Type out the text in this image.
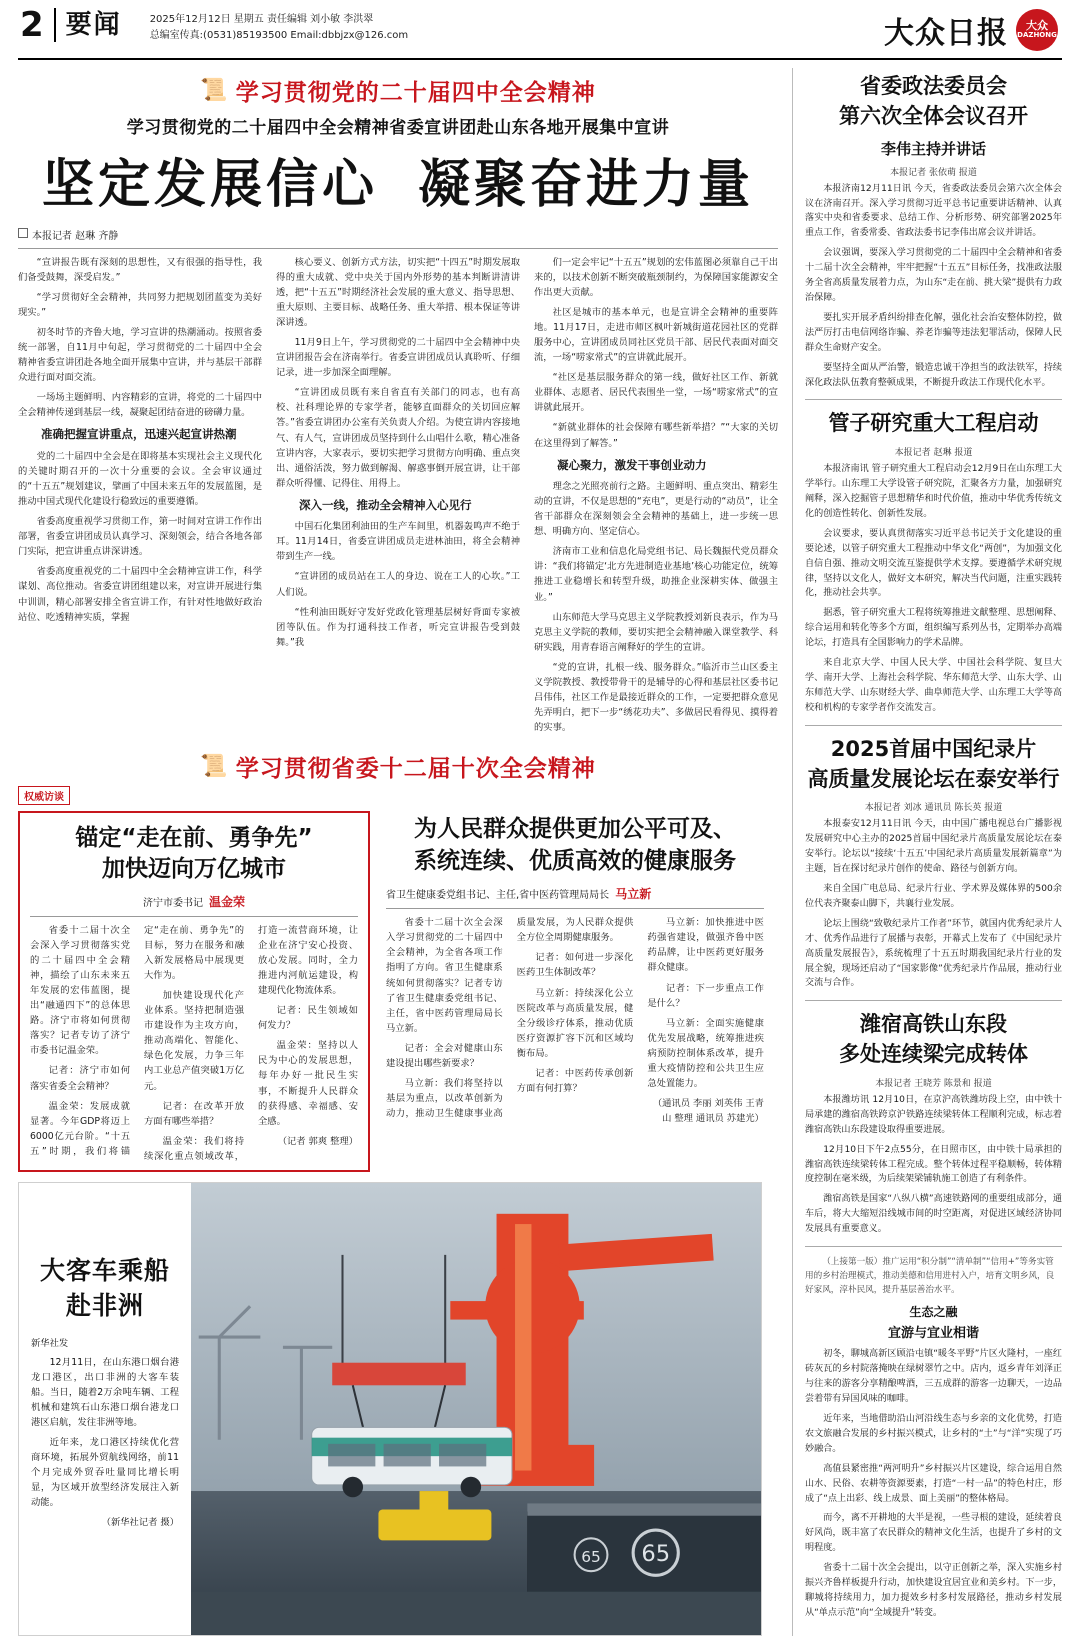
2 要闻	2025年12月12日 星期五 责任编辑 刘小敏 李洪翠
总编室传真:(0531)85193500 Email:dbbjzx@126.com	大众日报 大众
DAZHONG
📜 学习贯彻党的二十届四中全会精神
学习贯彻党的二十届四中全会精神省委宣讲团赴山东各地开展集中宣讲
坚定发展信心 凝聚奋进力量
本报记者 赵琳 齐静

“宣讲报告既有深刻的思想性，又有很强的指导性，我们备受鼓舞，深受启发。”

“学习贯彻好全会精神，共同努力把规划团蓝变为美好现实。”

初冬时节的齐鲁大地，学习宣讲的热潮涌动。按照省委统一部署，自11月中旬起，学习贯彻党的二十届四中全会精神省委宣讲团赴各地全面开展集中宣讲，并与基层干部群众进行面对面交流。

一场场主题鲜明、内容精彩的宣讲，将党的二十届四中全会精神传递到基层一线，凝聚起团结奋进的磅礴力量。

准确把握宣讲重点，迅速兴起宣讲热潮

党的二十届四中全会是在即将基本实现社会主义现代化的关键时期召开的一次十分重要的会议。全会审议通过的“十五五”规划建议，擘画了中国未来五年的发展蓝图，是推动中国式现代化建设行稳致远的重要遵循。

省委高度重视学习贯彻工作，第一时间对宣讲工作作出部署，省委宣讲团成员认真学习、深刻领会，结合各地各部门实际，把宣讲重点讲深讲透。

省委高度重视党的二十届四中全会精神宣讲工作，科学谋划、高位推动。省委宣讲团组建以来，对宣讲开展进行集中训训，精心部署安排全省宣讲工作，有针对性地做好政治站位、吃透精神实质，掌握

核心要义、创新方式方法，切实把“十四五”时期发展取得的重大成就、党中央关于国内外形势的基本判断讲清讲透，把“十五五”时期经济社会发展的重大意义、指导思想、重大原则、主要目标、战略任务、重大举措、根本保证等讲深讲透。

11月9日上午，学习贯彻党的二十届四中全会精神中央宣讲团报告会在济南举行。省委宣讲团成员认真聆听、仔细记录，进一步加深全面理解。

“宣讲团成员既有来自省直有关部门的同志，也有高校、社科理论界的专家学者，能够直面群众的关切回应解答。”省委宣讲团办公室有关负责人介绍。为使宣讲内容接地气、有人气，宣讲团成员坚持到什么山唱什么歌，精心准备宣讲内容，大家表示，要切实把学习贯彻方向明确、重点突出、通俗活泼，努力做到解渴、解惑事倒开展宣讲，让干部群众听得懂、记得住、用得上。

深入一线，推动全会精神入心见行

中国石化集团利油田的生产车间里，机器轰鸣声不绝于耳。11月14日，省委宣讲团成员走进林油田，将全会精神带到生产一线。

“宣讲团的成员站在工人的身边、说在工人的心坎。”工人们说。

“性利油田既好守发好党政化管理基层树好背面专家被团等队伍。作为打通科技工作者，听完宣讲报告受到鼓舞。”我

们一定会牢记“十五五”规划的宏伟蓝图必须靠自己干出来的，以技术创新不断突破瓶颈制约，为保障国家能源安全作出更大贡献。

社区是城市的基本单元，也是宣讲全会精神的重要阵地。11月17日，走进市师区枫叶新城街道花园社区的党群服务中心，宣讲团成员同社区党员干部、居民代表面对面交流，一场“唠家常式”的宣讲就此展开。

“社区是基层服务群众的第一线，做好社区工作、新就业群体、志愿者、居民代表围坐一堂，一场“唠家常式”的宣讲就此展开。

“新就业群体的社会保障有哪些新举措？”“大家的关切在这里得到了解答。”

凝心聚力，激发干事创业动力

理念之光照亮前行之路。主题鲜明、重点突出、精彩生动的宣讲，不仅是思想的“充电”，更是行动的“动员”，让全省干部群众在深刻领会全会精神的基础上，进一步统一思想、明确方向、坚定信心。

济南市工业和信息化局党组书记、局长魏振代党员群众讲：“我们将锚定‘北方先进制造业基地’核心功能定位，统筹推进工业稳增长和转型升级，助推企业深耕实体、做强主业。”

山东师范大学马克思主义学院教授刘新良表示，作为马克思主义学院的教师，要切实把全会精神融入课堂教学、科研实践，用青春语言阐释好的学生的宣讲。

“党的宣讲，扎根一线、服务群众。”临沂市兰山区委主义学院教授、教授带骨干的是辅导的心得和基层社区委书记吕伟伟，社区工作是最接近群众的工作，一定要把群众意见先弄明白，把下一步“绣花功夫”、多做居民看得见、摸得着的实事。

📜 学习贯彻省委十二届十次全会精神
权威访谈
锚定“走在前、勇争先”
加快迈向万亿城市
济宁市委书记 温金荣

省委十二届十次全会深入学习贯彻落实党的二十届四中全会精神，描绘了山东未来五年发展的宏伟蓝图，提出“融通四下”的总体思路。济宁市将如何贯彻落实？记者专访了济宁市委书记温金荣。

记者：济宁市如何落实省委全会精神？

温金荣：发展成就显著。今年GDP将迈上6000亿元台阶。“十五五”时期，我们将锚定“走在前、勇争先”的目标，努力在服务和融入新发展格局中展现更大作为。

加快建设现代化产业体系。坚持把制造强市建设作为主攻方向，推动高端化、智能化、绿色化发展，力争三年内工业总产值突破1万亿元。

记者：在改革开放方面有哪些举措？

温金荣：我们将持续深化重点领域改革，打造一流营商环境，让企业在济宁安心投资、放心发展。同时，全力推进内河航运建设，构建现代化物流体系。

记者：民生领域如何发力？

温金荣：坚持以人民为中心的发展思想，每年办好一批民生实事，不断提升人民群众的获得感、幸福感、安全感。

（记者 郭爽 整理）

为人民群众提供更加公平可及、
系统连续、优质高效的健康服务
省卫生健康委党组书记、主任,省中医药管理局局长 马立新

省委十二届十次全会深入学习贯彻党的二十届四中全会精神，为全省各项工作指明了方向。省卫生健康系统如何贯彻落实？记者专访了省卫生健康委党组书记、主任，省中医药管理局局长马立新。

记者：全会对健康山东建设提出哪些新要求？

马立新：我们将坚持以基层为重点，以改革创新为动力，推动卫生健康事业高质量发展，为人民群众提供全方位全周期健康服务。

记者：如何进一步深化医药卫生体制改革？

马立新：持续深化公立医院改革与高质量发展，健全分级诊疗体系，推动优质医疗资源扩容下沉和区域均衡布局。

记者：中医药传承创新方面有何打算？

马立新：加快推进中医药强省建设，做强齐鲁中医药品牌，让中医药更好服务群众健康。

记者：下一步重点工作是什么？

马立新：全面实施健康优先发展战略，统筹推进疾病预防控制体系改革，提升重大疫情防控和公共卫生应急处置能力。

（通讯员 李丽 刘英伟 王青山 整理 通讯员 苏建光）

大客车乘船
赴非洲
新华社发

12月11日，在山东港口烟台港龙口港区，出口非洲的大客车装船。当日，随着2万余吨车辆、工程机械和建筑石山东港口烟台港龙口港区启航，发往非洲等地。

近年来，龙口港区持续优化营商环境，拓展外贸航线网络，前11个月完成外贸吞吐量同比增长明显，为区域开放型经济发展注入新动能。

（新华社记者 摄）

65
65
省委政法委员会
第六次全体会议召开
李伟主持并讲话
本报记者 张依萌 报道

本报济南12月11日讯 今天，省委政法委员会第六次全体会议在济南召开。深入学习贯彻习近平总书记重要讲话精神、认真落实中央和省委要求、总结工作、分析形势、研究部署2025年重点工作，省委常委、省政法委书记李伟出席会议并讲话。

会议强调，要深入学习贯彻党的二十届四中全会精神和省委十二届十次全会精神，牢牢把握“十五五”目标任务，找准政法服务全省高质量发展着力点，为山东“走在前、挑大梁”提供有力政治保障。

要扎实开展矛盾纠纷排查化解，强化社会治安整体防控，做法严厉打击电信网络诈骗、养老诈骗等违法犯罪活动，保障人民群众生命财产安全。

要坚持全面从严治警，锻造忠诚干净担当的政法铁军，持续深化政法队伍教育整顿成果，不断提升政法工作现代化水平。

管子研究重大工程启动
本报记者 赵琳 报道

本报济南讯 管子研究重大工程启动会12月9日在山东理工大学举行。山东理工大学设管子研究院，汇聚各方力量，加强研究阐释，深入挖掘管子思想精华和时代价值，推动中华优秀传统文化的创造性转化、创新性发展。

会议要求，要认真贯彻落实习近平总书记关于文化建设的重要论述，以管子研究重大工程推动中华文化“两创”，为加强文化自信自强、推动文明交流互鉴提供学术支撑。要遵循学术研究规律，坚持以文化人，做好文本研究，解决当代问题，注重实践转化，推动社会共享。

据悉，管子研究重大工程将统筹推进文献整理、思想阐释、综合运用和转化等多个方面，组织编写系列丛书，定期举办高端论坛，打造具有全国影响力的学术品牌。

来自北京大学、中国人民大学、中国社会科学院、复旦大学、南开大学、上海社会科学院、华东师范大学、山东大学、山东师范大学、山东财经大学、曲阜师范大学、山东理工大学等高校和机构的专家学者作交流发言。

2025首届中国纪录片
高质量发展论坛在泰安举行
本报记者 刘冰 通讯员 陈长英 报道

本报泰安12月11日讯 今天，由中国广播电视总台广播影视发展研究中心主办的2025首届中国纪录片高质量发展论坛在泰安举行。论坛以“接续‘十五五’中国纪录片高质量发展新篇章”为主题，旨在探讨纪录片创作的使命、路径与创新方向。

来自全国广电总局、纪录片行业、学术界及媒体界的500余位代表齐聚泰山脚下，共襄行业发展。

论坛上围绕“致敬纪录片工作者”环节，就国内优秀纪录片人才、优秀作品进行了展播与表彰，开幕式上发布了《中国纪录片高质量发展报告》，系统梳理了十五五时期我国纪录片行业的发展全貌，现场还启动了“国家影像”优秀纪录片作品展，推动行业交流与合作。

潍宿高铁山东段
多处连续梁完成转体
本报记者 王晓芳 陈景和 报道

本报潍坊讯 12月10日，在京沪高铁潍坊段上空，由中铁十局承建的潍宿高铁跨京沪铁路连续梁转体工程顺利完成，标志着潍宿高铁山东段建设取得重要进展。

12月10日下午2点55分，在日照市区，由中铁十局承担的潍宿高铁连续梁转体工程完成。整个转体过程平稳顺畅，转体精度控制在毫米级，为后续架梁铺轨施工创造了有利条件。

潍宿高铁是国家“八纵八横”高速铁路网的重要组成部分，通车后，将大大缩短沿线城市间的时空距离，对促进区域经济协同发展具有重要意义。

（上接第一版）推广运用“积分制”“清单制”“信用+”等务实管用的乡村治理模式，推动美德和信用进村入户，培育文明乡风，良好家风，淳朴民风，提升基层善治水平。
生态之融
宜游与宜业相谐

初冬，聊城高新区顾沿屯镇“暖冬平野”片区火隆村，一座红砖灰瓦的乡村院落掩映在绿树翠竹之中。店内，返乡青年刘泽正与往来的游客分享精酿啤酒，三五成群的游客一边聊天，一边品尝着带有异国风味的咖啡。

近年来，当地借助沿山河沿线生态与乡亲的文化优势，打造农文旅融合发展的乡村振兴模式，让乡村的“土”与“洋”实现了巧妙融合。

高值县紧密推“两河明升”乡村振兴片区建设，综合运用自然山水、民俗、农耕等资源要素，打造“一村一品”的特色村庄，形成了“点上出彩、线上成景、面上美丽”的整体格局。

而今，离不开耕地的大半是视，一些寻根的建设，延续着良好风尚，既丰富了农民群众的精神文化生活，也提升了乡村的文明程度。

省委十二届十次全会提出，以守正创新之举，深入实施乡村振兴齐鲁样板提升行动，加快建设宜居宜业和美乡村。下一步，聊城将持续用力，加力提效乡村多村发展路径，推动乡村发展从“单点示范”向“全域提升”转变。
